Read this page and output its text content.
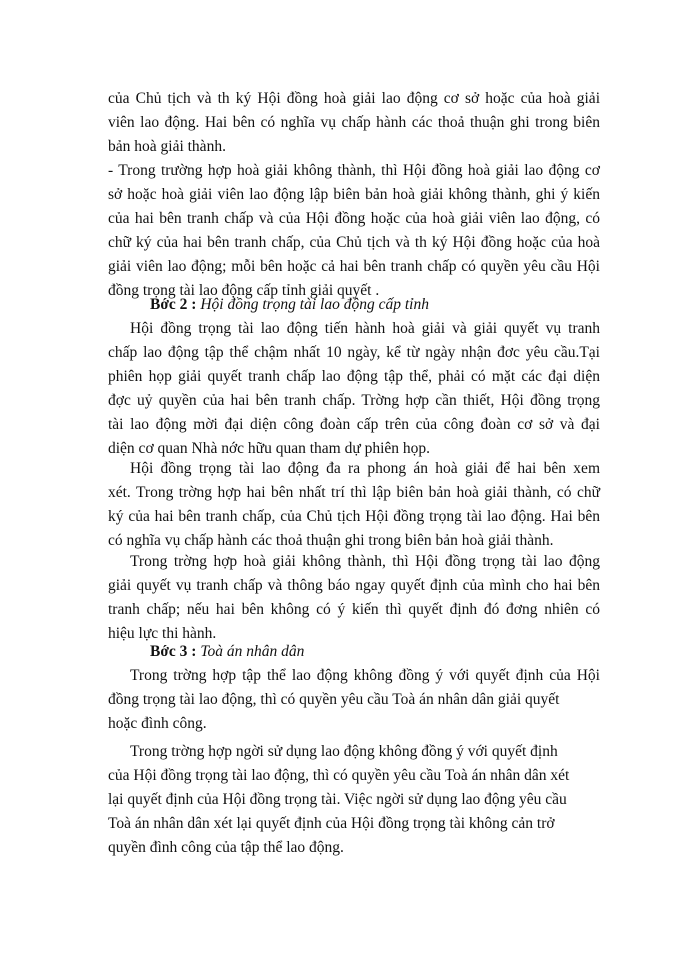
của Chủ tịch và th ký Hội đồng hoà giải lao động cơ sở hoặc của hoà giải
viên lao động. Hai bên có nghĩa vụ chấp hành các thoả thuận ghi trong biên
bản hoà giải thành.
- Trong trường hợp hoà giải không thành, thì Hội đồng hoà giải lao động cơ
sở hoặc hoà giải viên lao động lập biên bản hoà giải không thành, ghi ý kiến
của hai bên tranh chấp và của Hội đồng hoặc của hoà giải viên lao động, có
chữ ký của hai bên tranh chấp, của Chủ tịch và th ký Hội đồng hoặc của hoà
giải viên lao động; mỗi bên hoặc cả hai bên tranh chấp có quyền yêu cầu Hội
đồng trọng tài lao động cấp tỉnh giải quyết .
Bớc 2 : Hội đồng trọng tài lao động cấp tỉnh
Hội đồng trọng tài lao động tiến hành hoà giải và giải quyết vụ tranh
chấp lao động tập thể chậm nhất 10 ngày, kể từ ngày nhận đơc yêu cầu.Tại
phiên họp giải quyết tranh chấp lao động tập thể, phải có mặt các đại diện
đợc uỷ quyền của hai bên tranh chấp. Trờng hợp cần thiết, Hội đồng trọng
tài lao động mời đại diện công đoàn cấp trên của công đoàn cơ sở và đại
diện cơ quan Nhà nớc hữu quan tham dự phiên họp.
Hội đồng trọng tài lao động đa ra phong án hoà giải để hai bên xem
xét. Trong trờng hợp hai bên nhất trí thì lập biên bản hoà giải thành, có chữ
ký của hai bên tranh chấp, của Chủ tịch Hội đồng trọng tài lao động. Hai bên
có nghĩa vụ chấp hành các thoả thuận ghi trong biên bản hoà giải thành.
Trong trờng hợp hoà giải không thành, thì Hội đồng trọng tài lao động
giải quyết vụ tranh chấp và thông báo ngay quyết định của mình cho hai bên
tranh chấp; nếu hai bên không có ý kiến thì quyết định đó đơng nhiên có
hiệu lực thi hành.
Bớc 3 : Toà án nhân dân
Trong trờng hợp tập thể lao động không đồng ý với quyết định của Hội
đồng trọng tài lao động, thì có quyền yêu cầu Toà án nhân dân giải quyết
hoặc đình công.
Trong trờng hợp ngời sử dụng lao động không đồng ý với quyết định
của Hội đồng trọng tài lao động, thì có quyền yêu cầu Toà án nhân dân xét
lại quyết định của Hội đồng trọng tài. Việc ngời sử dụng lao động yêu cầu
Toà án nhân dân xét lại quyết định của Hội đồng trọng tài không cản trở
quyền đình công của tập thể lao động.
